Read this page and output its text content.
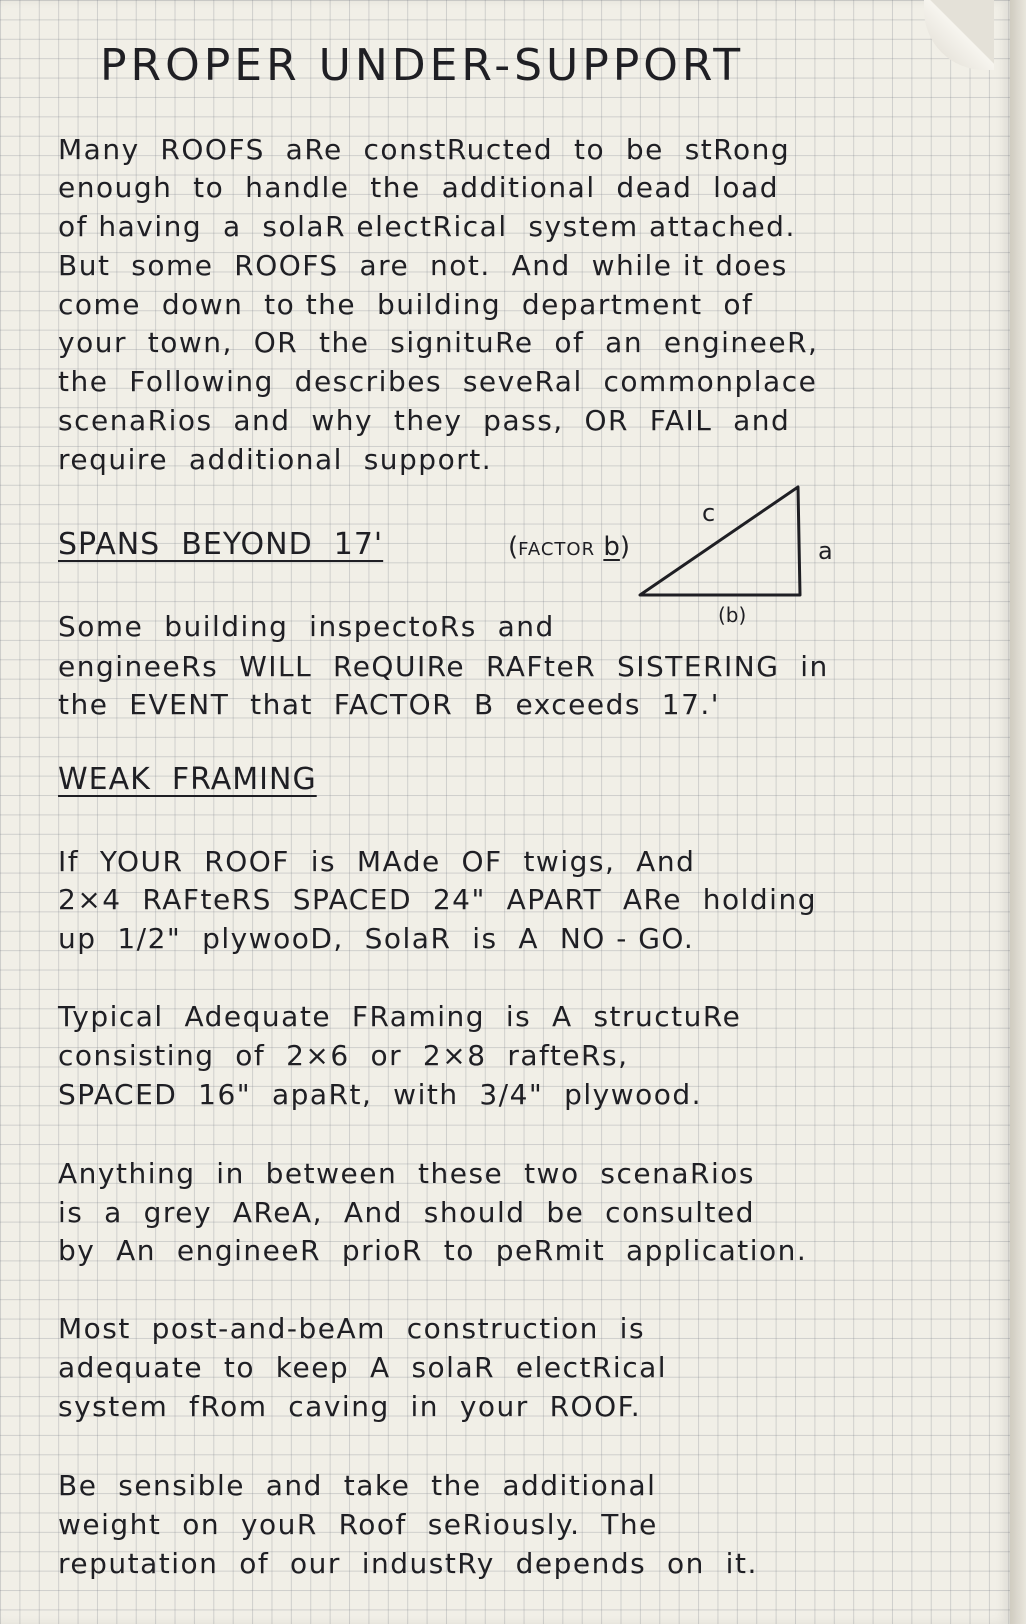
PROPER UNDER-SUPPORT
Many  ROOFS  aRe  constRucted  to  be  stRong
enough  to  handle  the  additional  dead  load
of having  a  solaR electRical  system attached.
But  some  ROOFS  are  not.  And  while it does
come  down  to the  building  department  of
your  town,  OR  the  signituRe  of  an  engineeR,
the  Following  describes  seveRal  commonplace
scenaRios  and  why  they  pass,  OR  FAIL  and
require  additional  support.
SPANS  BEYOND  17'	(FACTOR b)
c
a
(b)
Some  building  inspectoRs  and
engineeRs  WILL  ReQUIRe  RAFteR  SISTERING  in
the  EVENT  that  FACTOR  B  exceeds  17.'
WEAK  FRAMING
If  YOUR  ROOF  is  MAde  OF  twigs,  And
2×4  RAFteRS  SPACED  24"  APART  ARe  holding
up  1/2"  plywooD,  SolaR  is  A  NO - GO.
Typical  Adequate  FRaming  is  A  structuRe
consisting  of  2×6  or  2×8  rafteRs,
SPACED  16"  apaRt,  with  3/4"  plywood.
Anything  in  between  these  two  scenaRios
is  a  grey  AReA,  And  should  be  consulted
by  An  engineeR  prioR  to  peRmit  application.
Most  post-and-beAm  construction  is
adequate  to  keep  A  solaR  electRical
system  fRom  caving  in  your  ROOF.
Be  sensible  and  take  the  additional
weight  on  youR  Roof  seRiously.  The
reputation  of  our  industRy  depends  on  it.
